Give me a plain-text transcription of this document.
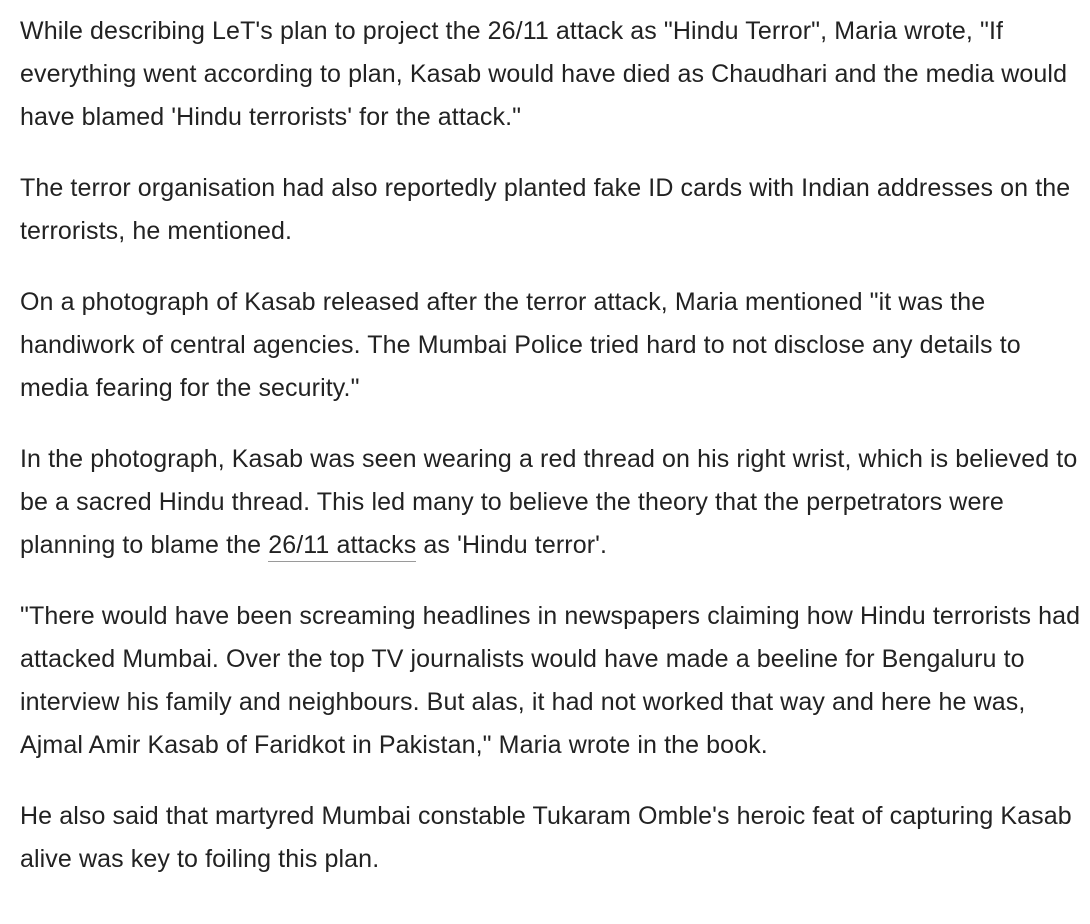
While describing LeT's plan to project the 26/11 attack as "Hindu Terror", Maria wrote, "If everything went according to plan, Kasab would have died as Chaudhari and the media would have blamed 'Hindu terrorists' for the attack."

The terror organisation had also reportedly planted fake ID cards with Indian addresses on the terrorists, he mentioned.

On a photograph of Kasab released after the terror attack, Maria mentioned "it was the handiwork of central agencies. The Mumbai Police tried hard to not disclose any details to media fearing for the security."

In the photograph, Kasab was seen wearing a red thread on his right wrist, which is believed to be a sacred Hindu thread. This led many to believe the theory that the perpetrators were planning to blame the 26/11 attacks as 'Hindu terror'.

"There would have been screaming headlines in newspapers claiming how Hindu terrorists had attacked Mumbai. Over the top TV journalists would have made a beeline for Bengaluru to interview his family and neighbours. But alas, it had not worked that way and here he was, Ajmal Amir Kasab of Faridkot in Pakistan," Maria wrote in the book.

He also said that martyred Mumbai constable Tukaram Omble's heroic feat of capturing Kasab alive was key to foiling this plan.
